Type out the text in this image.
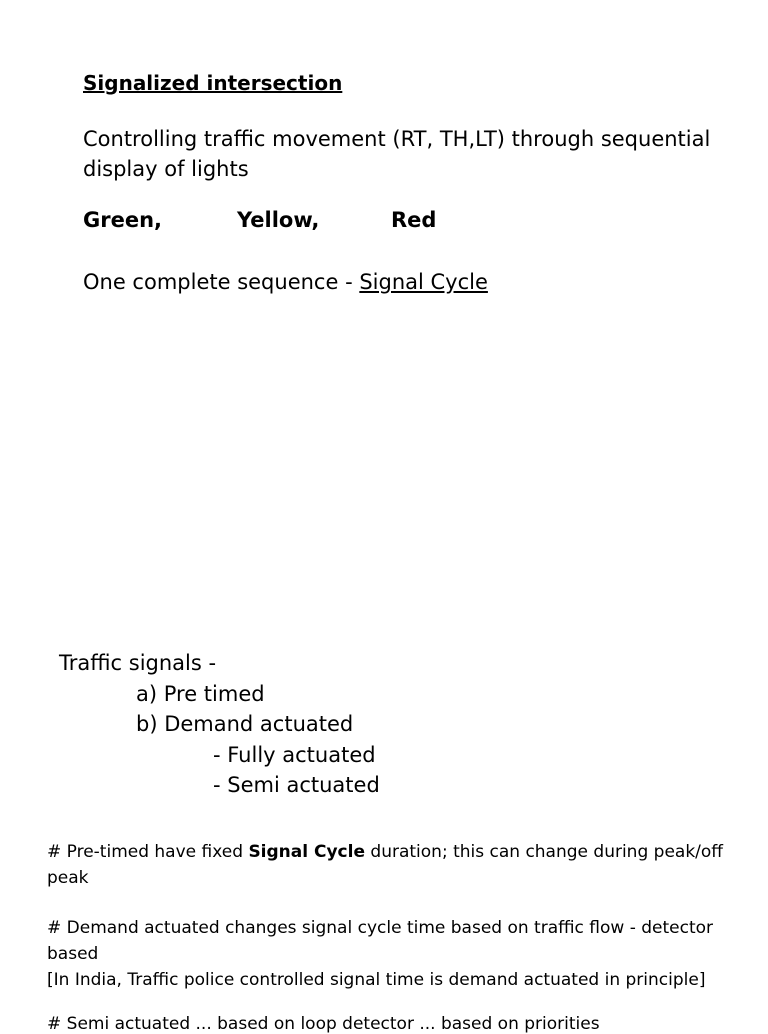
Signalized intersection
Controlling traffic movement (RT, TH,LT) through sequential display of lights
Green,	Yellow,	Red
One complete sequence - Signal Cycle
Traffic signals -
a) Pre timed
b) Demand actuated
- Fully actuated
- Semi actuated

# Pre-timed have fixed Signal Cycle duration; this can change during peak/off peak

# Demand actuated changes signal cycle time based on traffic flow - detector based

[In India, Traffic police controlled signal time is demand actuated in principle]

# Semi actuated ... based on loop detector ... based on priorities
